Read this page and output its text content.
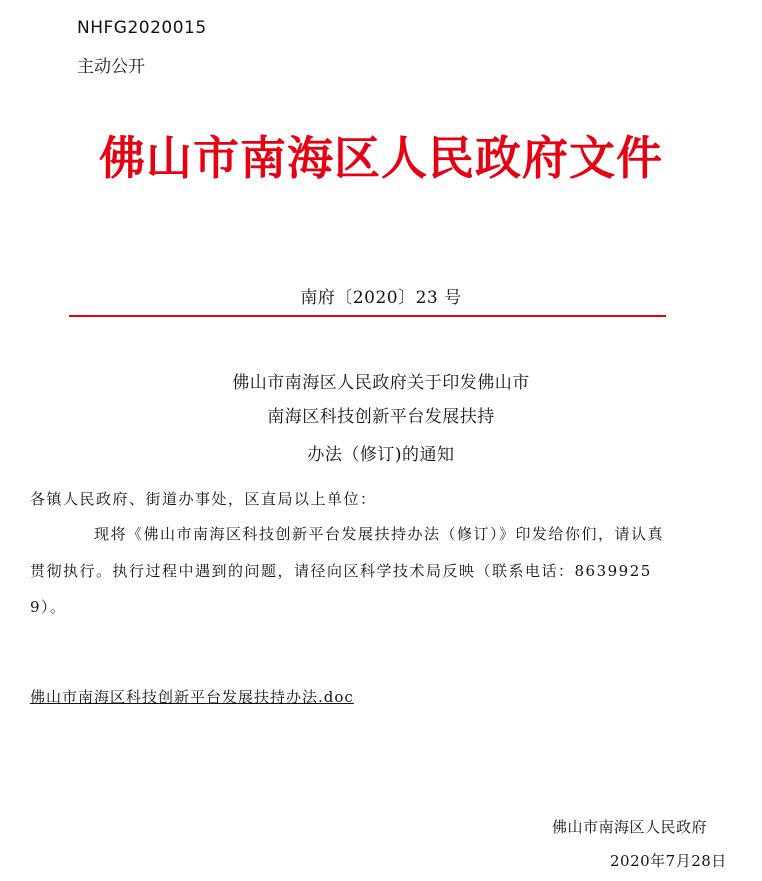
NHFG2020015
主动公开
佛山市南海区人民政府文件
南府〔2020〕23 号
佛山市南海区人民政府关于印发佛山市
南海区科技创新平台发展扶持
办法（修订)的通知
各镇人民政府、街道办事处，区直局以上单位：
现将《佛山市南海区科技创新平台发展扶持办法（修订）》印发给你们，请认真
贯彻执行。执行过程中遇到的问题，请径向区科学技术局反映（联系电话：8639925
9）。
佛山市南海区科技创新平台发展扶持办法.doc
佛山市南海区人民政府
2020年7月28日
